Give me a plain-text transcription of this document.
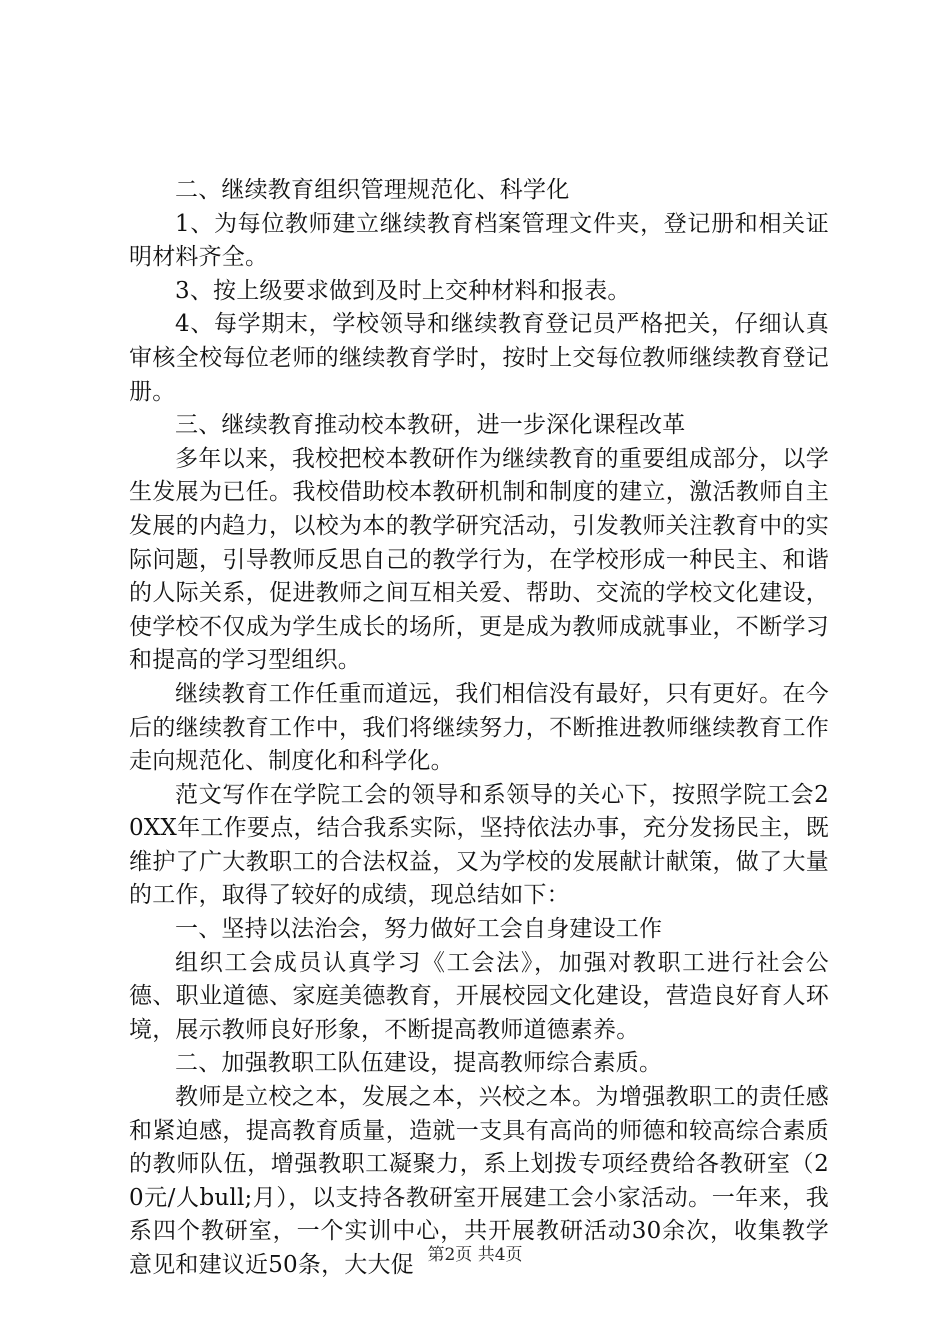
二、继续教育组织管理规范化、科学化

1、为每位教师建立继续教育档案管理文件夹，登记册和相关证明材料齐全。

3、按上级要求做到及时上交种材料和报表。

4、每学期末，学校领导和继续教育登记员严格把关，仔细认真审核全校每位老师的继续教育学时，按时上交每位教师继续教育登记册。

三、继续教育推动校本教研，进一步深化课程改革

多年以来，我校把校本教研作为继续教育的重要组成部分，以学生发展为已任。我校借助校本教研机制和制度的建立，激活教师自主发展的内趋力，以校为本的教学研究活动，引发教师关注教育中的实际问题，引导教师反思自己的教学行为，在学校形成一种民主、和谐的人际关系，促进教师之间互相关爱、帮助、交流的学校文化建设，使学校不仅成为学生成长的场所，更是成为教师成就事业，不断学习和提高的学习型组织。

继续教育工作任重而道远，我们相信没有最好，只有更好。在今后的继续教育工作中，我们将继续努力，不断推进教师继续教育工作走向规范化、制度化和科学化。

范文写作在学院工会的领导和系领导的关心下，按照学院工会20XX年工作要点，结合我系实际，坚持依法办事，充分发扬民主，既维护了广大教职工的合法权益，又为学校的发展献计献策，做了大量的工作，取得了较好的成绩，现总结如下：

一、坚持以法治会，努力做好工会自身建设工作

组织工会成员认真学习《工会法》，加强对教职工进行社会公德、职业道德、家庭美德教育，开展校园文化建设，营造良好育人环境，展示教师良好形象，不断提高教师道德素养。

二、加强教职工队伍建设，提高教师综合素质。

教师是立校之本，发展之本，兴校之本。为增强教职工的责任感和紧迫感，提高教育质量，造就一支具有高尚的师德和较高综合素质的教师队伍，增强教职工凝聚力，系上划拨专项经费给各教研室（20元/人bull;月），以支持各教研室开展建工会小家活动。一年来，我系四个教研室，一个实训中心，共开展教研活动30余次，收集教学意见和建议近50条，大大促 第2页 共4页
